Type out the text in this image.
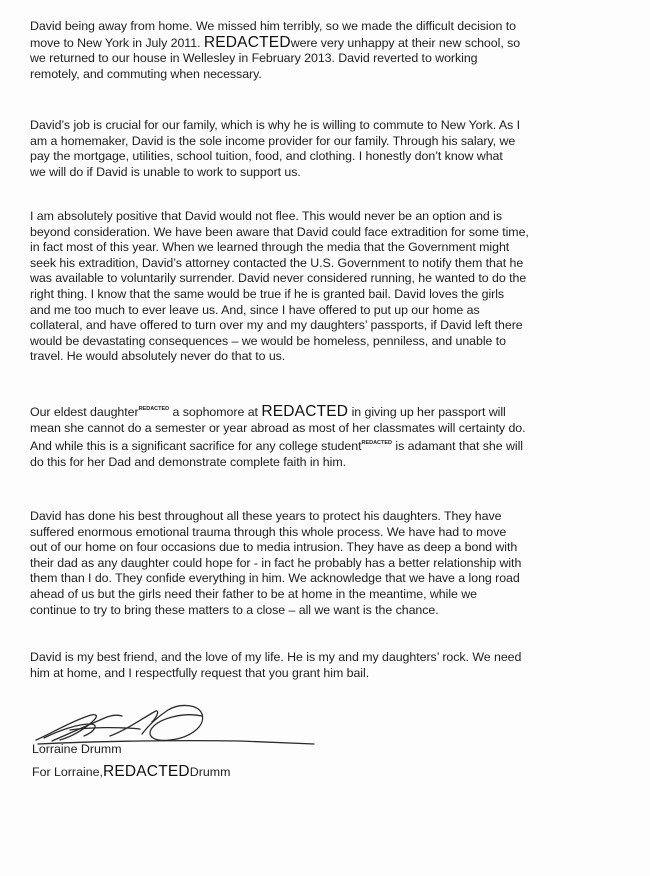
David being away from home. We missed him terribly, so we made the difficult decision to
move to New York in July 2011. REDACTEDwere very unhappy at their new school, so
we returned to our house in Wellesley in February 2013. David reverted to working
remotely, and commuting when necessary.
David’s job is crucial for our family, which is why he is willing to commute to New York. As I
am a homemaker, David is the sole income provider for our family. Through his salary, we
pay the mortgage, utilities, school tuition, food, and clothing. I honestly don’t know what
we will do if David is unable to work to support us.
I am absolutely positive that David would not flee. This would never be an option and is
beyond consideration. We have been aware that David could face extradition for some time,
in fact most of this year. When we learned through the media that the Government might
seek his extradition, David’s attorney contacted the U.S. Government to notify them that he
was available to voluntarily surrender. David never considered running, he wanted to do the
right thing. I know that the same would be true if he is granted bail. David loves the girls
and me too much to ever leave us. And, since I have offered to put up our home as
collateral, and have offered to turn over my and my daughters’ passports, if David left there
would be devastating consequences – we would be homeless, penniless, and unable to
travel. He would absolutely never do that to us.
Our eldest daughter$^{REDACTED}$ a sophomore at REDACTED in giving up her passport will
mean she cannot do a semester or year abroad as most of her classmates will certainty do.
And while this is a significant sacrifice for any college student$^{REDACTED}$ is adamant that she will
do this for her Dad and demonstrate complete faith in him.
David has done his best throughout all these years to protect his daughters. They have
suffered enormous emotional trauma through this whole process. We have had to move
out of our home on four occasions due to media intrusion. They have as deep a bond with
their dad as any daughter could hope for - in fact he probably has a better relationship with
them than I do. They confide everything in him. We acknowledge that we have a long road
ahead of us but the girls need their father to be at home in the meantime, while we
continue to try to bring these matters to a close – all we want is the chance.
David is my best friend, and the love of my life. He is my and my daughters’ rock. We need
him at home, and I respectfully request that you grant him bail.
Lorraine Drumm
For Lorraine,REDACTEDDrumm
